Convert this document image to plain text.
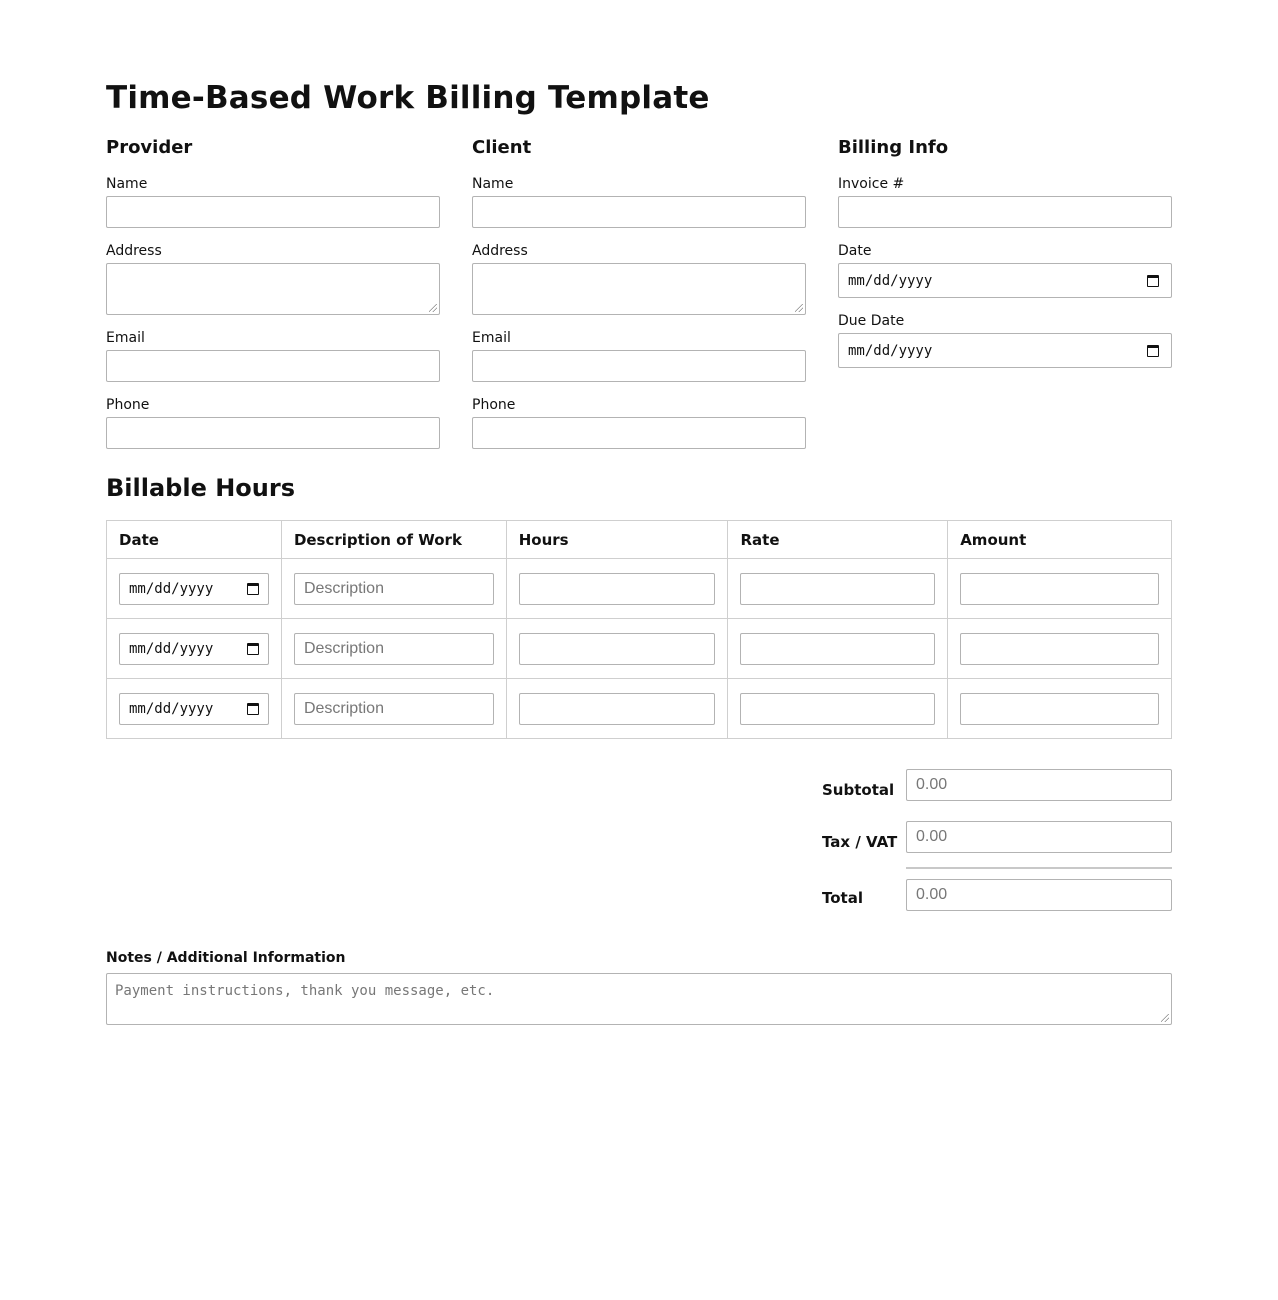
Time-Based Work Billing Template
Provider
Name
Address
Email
Phone
Client
Name
Address
Email
Phone
Billing Info
Invoice #
Date
mm/dd/yyyy
Due Date
mm/dd/yyyy
Billable Hours
Date	Description of Work	Hours	Rate	Amount

mm/dd/yyyy	Description			

mm/dd/yyyy	Description			

mm/dd/yyyy	Description			

Subtotal	0.00
Tax / VAT	0.00
Total	0.00
Notes / Additional Information
Payment instructions, thank you message, etc.
